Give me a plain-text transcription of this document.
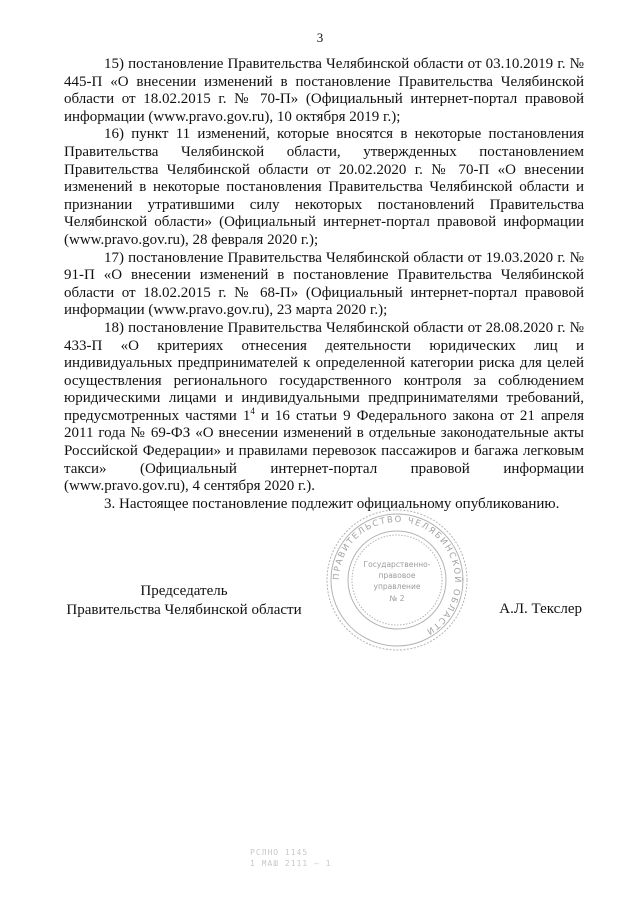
3

15) постановление Правительства Челябинской области от 03.10.2019 г. № 445-П «О внесении изменений в постановление Правительства Челябинской области от 18.02.2015 г. № 70-П» (Официальный интернет-портал правовой информации (www.pravo.gov.ru), 10 октября 2019 г.);

16) пункт 11 изменений, которые вносятся в некоторые постановления Правительства Челябинской области, утвержденных постановлением Правительства Челябинской области от 20.02.2020 г. № 70-П «О внесении изменений в некоторые постановления Правительства Челябинской области и признании утратившими силу некоторых постановлений Правительства Челябинской области» (Официальный интернет-портал правовой информации (www.pravo.gov.ru), 28 февраля 2020 г.);

17) постановление Правительства Челябинской области от 19.03.2020 г. № 91-П «О внесении изменений в постановление Правительства Челябинской области от 18.02.2015 г. № 68-П» (Официальный интернет-портал правовой информации (www.pravo.gov.ru), 23 марта 2020 г.);

18) постановление Правительства Челябинской области от 28.08.2020 г. № 433-П «О критериях отнесения деятельности юридических лиц и индивидуальных предпринимателей к определенной категории риска для целей осуществления регионального государственного контроля за соблюдением юридическими лицами и индивидуальными предпринимателями требований, предусмотренных частями $1^4$ и 16 статьи 9 Федерального закона от 21 апреля 2011 года № 69-ФЗ «О внесении изменений в отдельные законодательные акты Российской Федерации» и правилами перевозок пассажиров и багажа легковым такси» (Официальный интернет-портал правовой информации (www.pravo.gov.ru), 4 сентября 2020 г.).

3. Настоящее постановление подлежит официальному опубликованию.

Председатель
Правительства Челябинской области	А.Л. Текслер
ПРАВИТЕЛЬСТВО ЧЕЛЯБИНСКОЙ ОБЛАСТИ
Государственно-
правовое
управление
№ 2
РСЛНО 1145
1 МАШ 2111 — 1
